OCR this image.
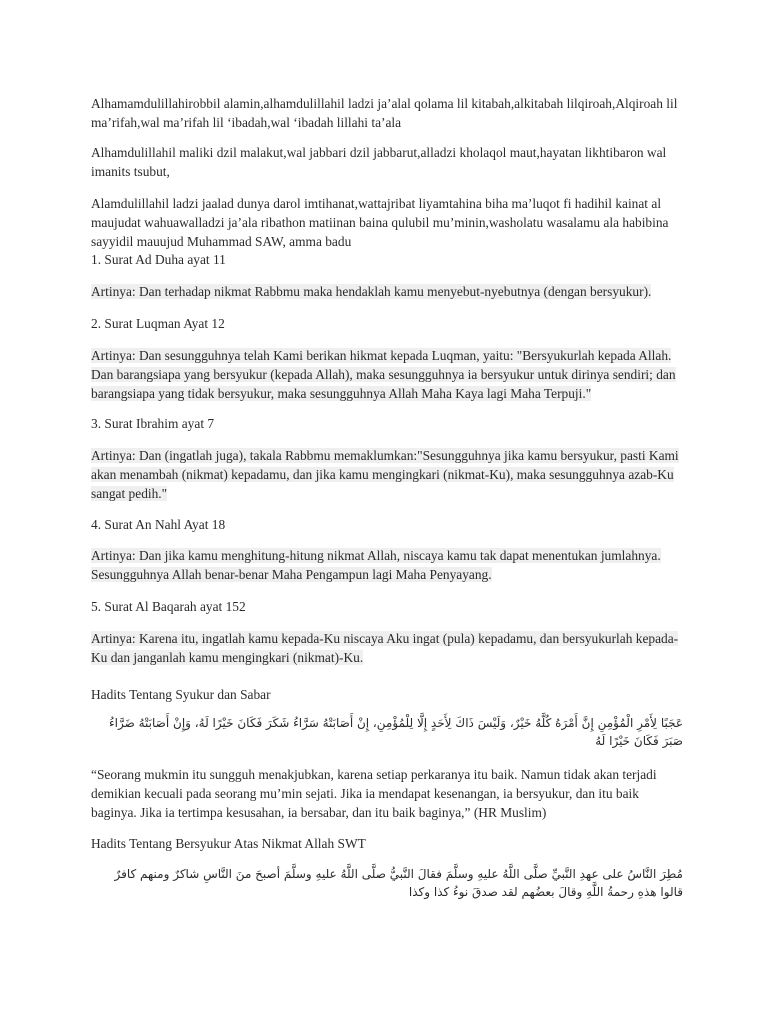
Alhamamdulillahirobbil alamin,alhamdulillahil ladzi ja’alal qolama lil kitabah,alkitabah lilqiroah,Alqiroah lil ma’rifah,wal ma’rifah lil ‘ibadah,wal ‘ibadah lillahi ta’ala

Alhamdulillahil maliki dzil malakut,wal jabbari dzil jabbarut,alladzi kholaqol maut,hayatan likhtibaron wal imanits tsubut,

Alamdulillahil ladzi jaalad dunya darol imtihanat,wattajribat liyamtahina biha ma’luqot fi hadihil kainat al maujudat wahuawalladzi ja’ala ribathon matiinan baina qulubil mu’minin,washolatu wasalamu ala habibina sayyidil mauujud Muhammad SAW, amma badu

1. Surat Ad Duha ayat 11
Artinya: Dan terhadap nikmat Rabbmu maka hendaklah kamu menyebut-nyebutnya (dengan bersyukur).
2. Surat Luqman Ayat 12
Artinya: Dan sesungguhnya telah Kami berikan hikmat kepada Luqman, yaitu: "Bersyukurlah kepada Allah. Dan barangsiapa yang bersyukur (kepada Allah), maka sesungguhnya ia bersyukur untuk dirinya sendiri; dan barangsiapa yang tidak bersyukur, maka sesungguhnya Allah Maha Kaya lagi Maha Terpuji."
3. Surat Ibrahim ayat 7
Artinya: Dan (ingatlah juga), takala Rabbmu memaklumkan:"Sesungguhnya jika kamu bersyukur, pasti Kami akan menambah (nikmat) kepadamu, dan jika kamu mengingkari (nikmat-Ku), maka sesungguhnya azab-Ku sangat pedih."
4. Surat An Nahl Ayat 18
Artinya: Dan jika kamu menghitung-hitung nikmat Allah, niscaya kamu tak dapat menentukan jumlahnya. Sesungguhnya Allah benar-benar Maha Pengampun lagi Maha Penyayang.
5. Surat Al Baqarah ayat 152
Artinya: Karena itu, ingatlah kamu kepada-Ku niscaya Aku ingat (pula) kepadamu, dan bersyukurlah kepada-Ku dan janganlah kamu mengingkari (nikmat)-Ku.
Hadits Tentang Syukur dan Sabar
عَجَبًا لِأَمْرِ الْمُؤْمِنِ إِنَّ أَمْرَهُ كُلَّهُ خَيْرٌ، وَلَيْسَ ذَاكَ لِأَحَدٍ إِلَّا لِلْمُؤْمِنِ، إِنْ أَصَابَتْهُ سَرَّاءُ شَكَرَ فَكَانَ خَيْرًا لَهُ، وَإِنْ أَصَابَتْهُ ضَرَّاءُ صَبَرَ فَكَانَ خَيْرًا لَهُ

“Seorang mukmin itu sungguh menakjubkan, karena setiap perkaranya itu baik. Namun tidak akan terjadi demikian kecuali pada seorang mu’min sejati. Jika ia mendapat kesenangan, ia bersyukur, dan itu baik baginya. Jika ia tertimpa kesusahan, ia bersabar, dan itu baik baginya,” (HR Muslim)

Hadits Tentang Bersyukur Atas Nikmat Allah SWT
مُطِرَ النَّاسُ على عهدِ النَّبيِّ صلَّى اللَّهُ عليهِ وسلَّمَ فقالَ النَّبيُّ صلَّى اللَّهُ عليهِ وسلَّمَ أصبحَ منَ النَّاسِ شاكرٌ ومنهم كافرٌ قالوا هذهِ رحمةُ اللَّهِ وقالَ بعضُهم لقد صدقَ نوءُ كذا وكذا
